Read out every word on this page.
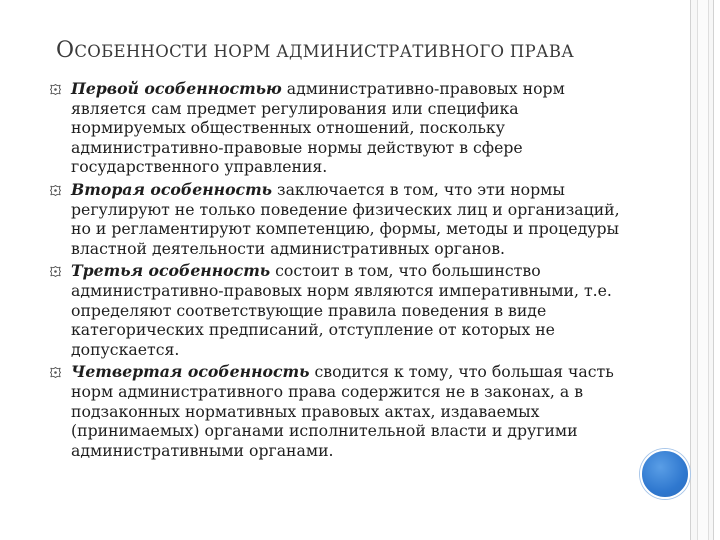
ОСОБЕННОСТИ НОРМ АДМИНИСТРАТИВНОГО ПРАВА
Первой особенностью административно-правовых норм является сам предмет регулирования или специфика нормируемых общественных отношений, поскольку административно-правовые нормы действуют в сфере государственного управления.
Вторая особенность заключается в том, что эти нормы регулируют не только поведение физических лиц и организаций, но и регламентируют компетенцию, формы, методы и процедуры властной деятельности административных органов.
Третья особенность состоит в том, что большинство административно-правовых норм являются императивными, т.е. определяют соответствующие правила поведения в виде категорических предписаний, отступление от которых не допускается.
Четвертая особенность сводится к тому, что большая часть норм административного права содержится не в законах, а в подзаконных нормативных правовых актах, издаваемых (принимаемых) органами исполнительной власти и другими административными органами.
